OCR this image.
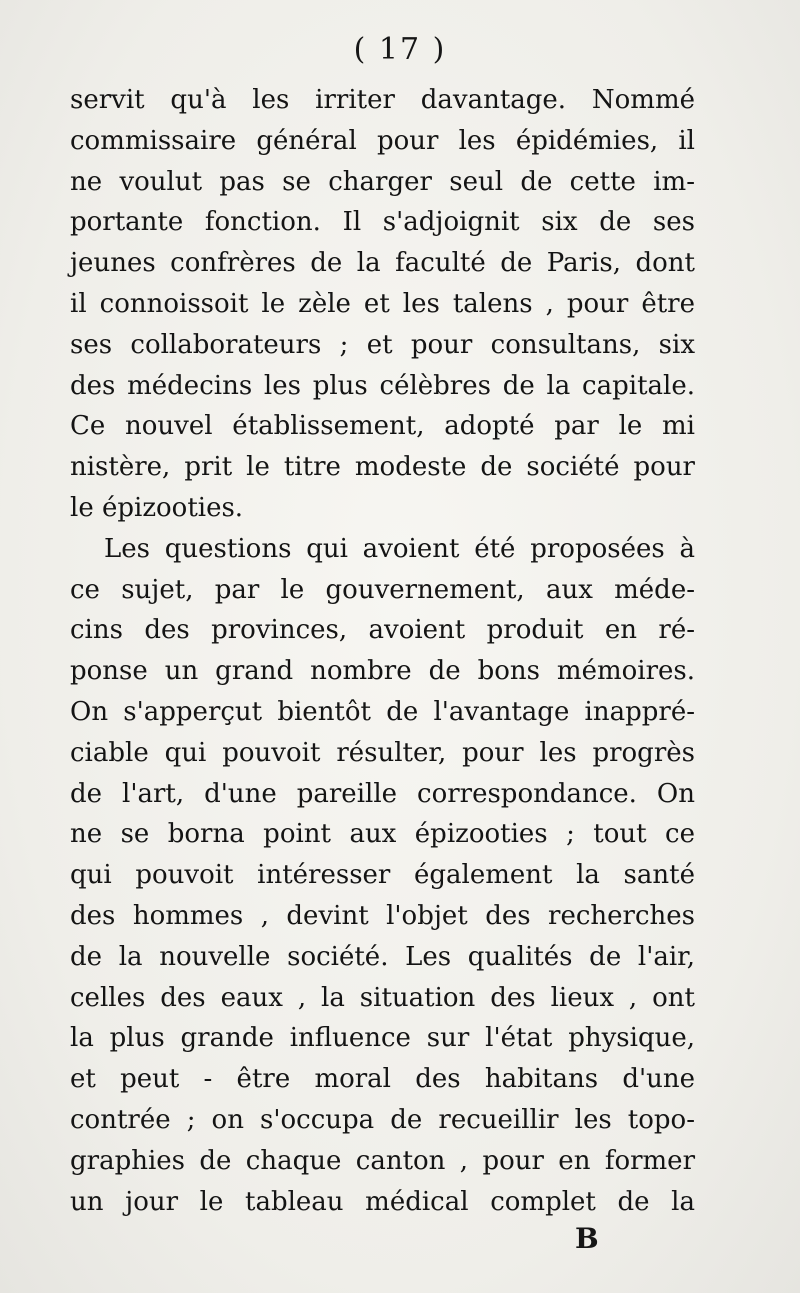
( 17 )
servit qu'à les irriter davantage. Nommé
commissaire général pour les épidémies, il
ne voulut pas se charger seul de cette im-
portante fonction. Il s'adjoignit six de ses
jeunes confrères de la faculté de Paris, dont
il connoissoit le zèle et les talens , pour être
ses collaborateurs ; et pour consultans, six
des médecins les plus célèbres de la capitale.
Ce nouvel établissement, adopté par le mi
nistère, prit le titre modeste de société pour
le épizooties.
Les questions qui avoient été proposées à
ce sujet, par le gouvernement, aux méde-
cins des provinces, avoient produit en ré-
ponse un grand nombre de bons mémoires.
On s'apperçut bientôt de l'avantage inappré-
ciable qui pouvoit résulter, pour les progrès
de l'art, d'une pareille correspondance. On
ne se borna point aux épizooties ; tout ce
qui pouvoit intéresser également la santé
des hommes , devint l'objet des recherches
de la nouvelle société. Les qualités de l'air,
celles des eaux , la situation des lieux , ont
la plus grande influence sur l'état physique,
et peut - être moral des habitans d'une
contrée ; on s'occupa de recueillir les topo-
graphies de chaque canton , pour en former
un jour le tableau médical complet de la
B
